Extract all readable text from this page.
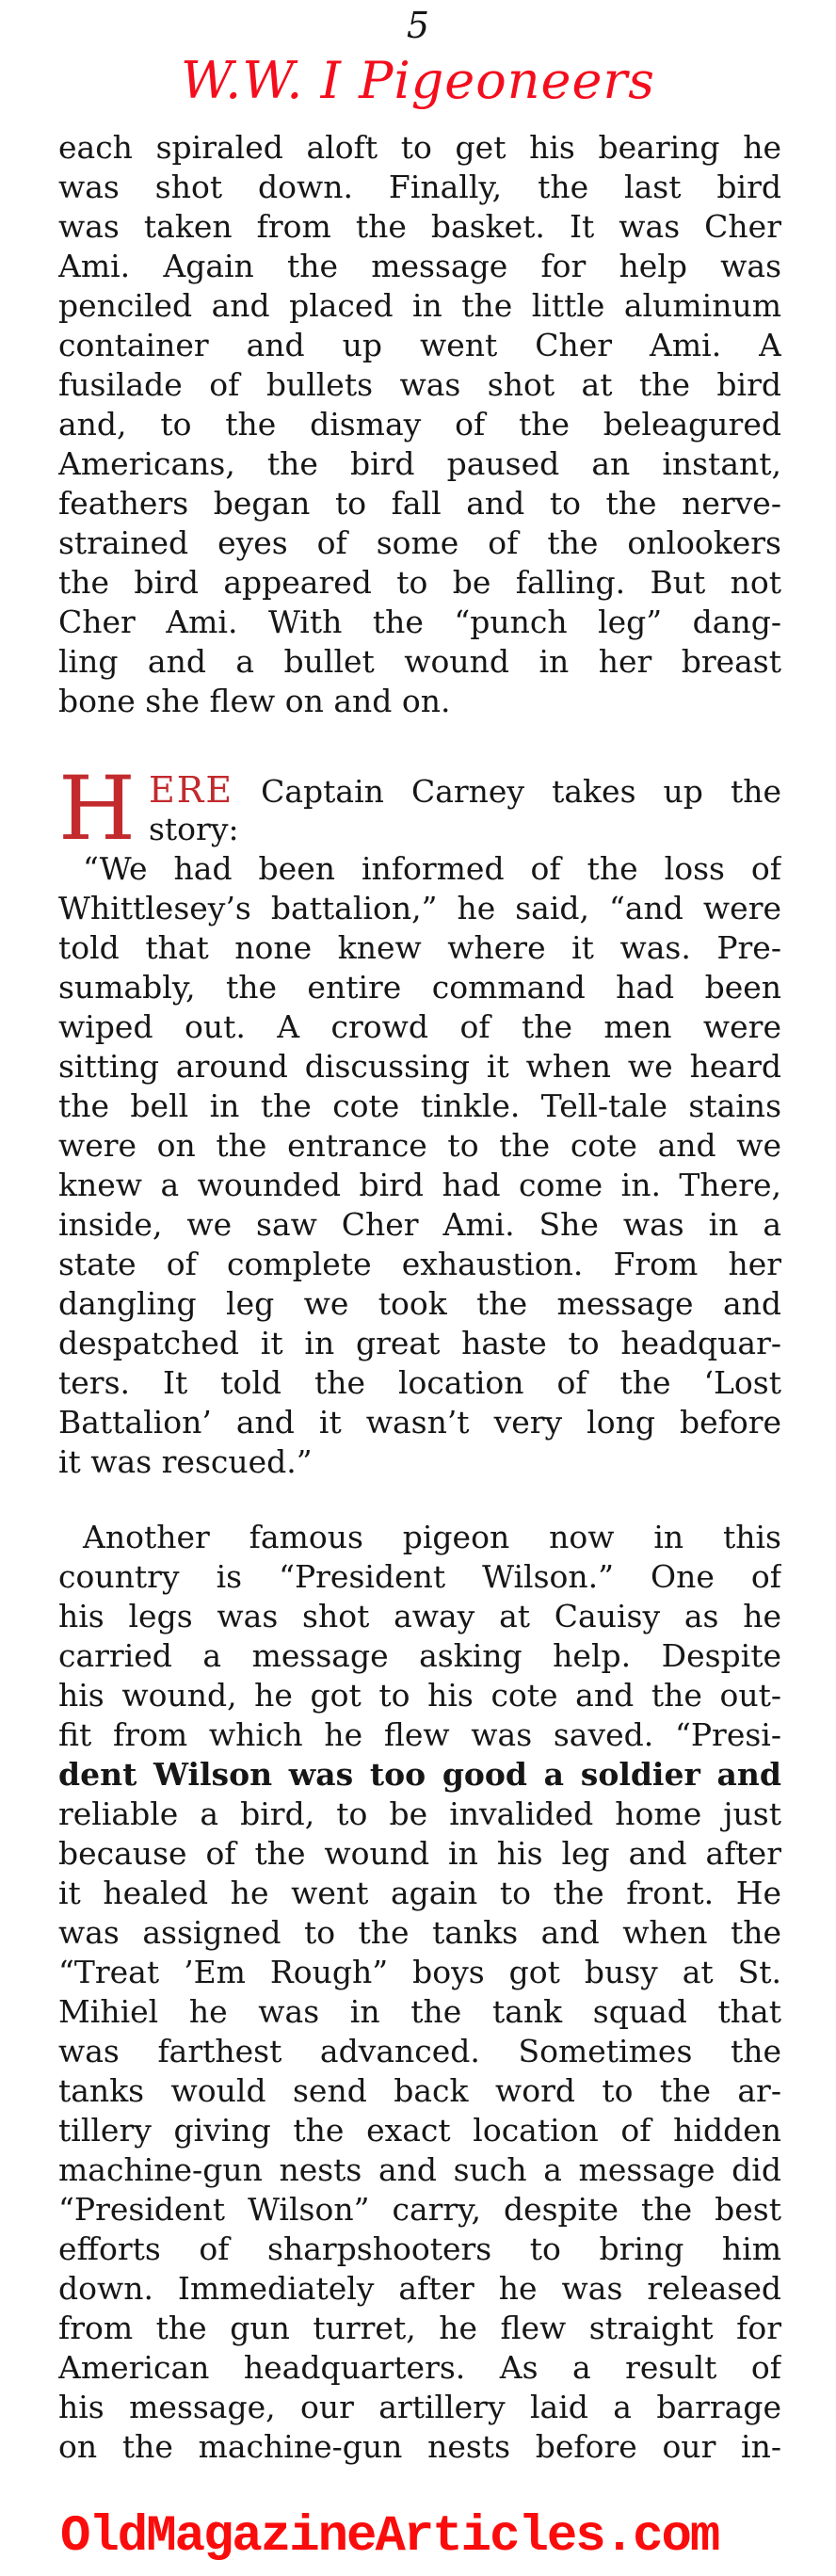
5
W.W. I Pigeoneers
each spiraled aloft to get his bearing he
was shot down. Finally, the last bird
was taken from the basket. It was Cher
Ami. Again the message for help was
penciled and placed in the little aluminum
container and up went Cher Ami. A
fusilade of bullets was shot at the bird
and, to the dismay of the beleagured
Americans, the bird paused an instant,
feathers began to fall and to the nerve-
strained eyes of some of the onlookers
the bird appeared to be falling. But not
Cher Ami. With the “punch leg” dang-
ling and a bullet wound in her breast
bone she flew on and on.
H ERE Captain Carney takes up the
story:
“We had been informed of the loss of
Whittlesey’s battalion,” he said, “and were
told that none knew where it was. Pre-
sumably, the entire command had been
wiped out. A crowd of the men were
sitting around discussing it when we heard
the bell in the cote tinkle. Tell-tale stains
were on the entrance to the cote and we
knew a wounded bird had come in. There,
inside, we saw Cher Ami. She was in a
state of complete exhaustion. From her
dangling leg we took the message and
despatched it in great haste to headquar-
ters. It told the location of the ‘Lost
Battalion’ and it wasn’t very long before
it was rescued.”
Another famous pigeon now in this
country is “President Wilson.” One of
his legs was shot away at Cauisy as he
carried a message asking help. Despite
his wound, he got to his cote and the out-
fit from which he flew was saved. “Presi-
dent Wilson was too good a soldier and
reliable a bird, to be invalided home just
because of the wound in his leg and after
it healed he went again to the front. He
was assigned to the tanks and when the
“Treat ’Em Rough” boys got busy at St.
Mihiel he was in the tank squad that
was farthest advanced. Sometimes the
tanks would send back word to the ar-
tillery giving the exact location of hidden
machine-gun nests and such a message did
“President Wilson” carry, despite the best
efforts of sharpshooters to bring him
down. Immediately after he was released
from the gun turret, he flew straight for
American headquarters. As a result of
his message, our artillery laid a barrage
on the machine-gun nests before our in-
OldMagazineArticles.com
